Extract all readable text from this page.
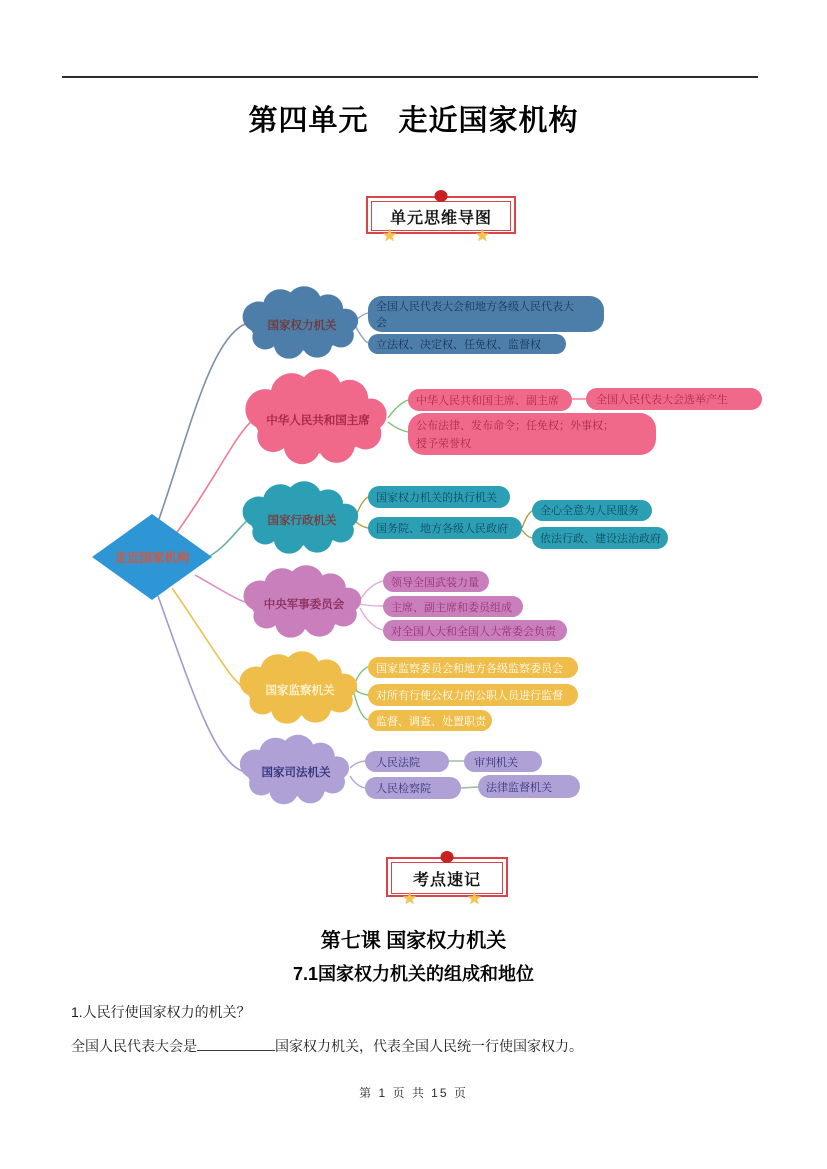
第四单元　走近国家机构
单元思维导图
★	★
走近国家机构
国家权力机关
全国人民代表大会和地方各级人民代表大
会
立法权、决定权、任免权、监督权
中华人民共和国主席
中华人民共和国主席、副主席	全国人民代表大会选举产生
公布法律、发布命令；任免权；外事权；
授予荣誉权
国家行政机关
国家权力机关的执行机关
国务院、地方各级人民政府
全心全意为人民服务
依法行政、建设法治政府
中央军事委员会
领导全国武装力量
主席、副主席和委员组成
对全国人大和全国人大常委会负责
国家监察机关
国家监察委员会和地方各级监察委员会
对所有行使公权力的公职人员进行监督
监督、调查、处置职责
国家司法机关
人民法院	审判机关
人民检察院	法律监督机关
考点速记
★	★
第七课 国家权力机关
7.1国家权力机关的组成和地位
1.人民行使国家权力的机关？
全国人民代表大会是	国家权力机关，代表全国人民统一行使国家权力。
第 1 页 共 15 页
